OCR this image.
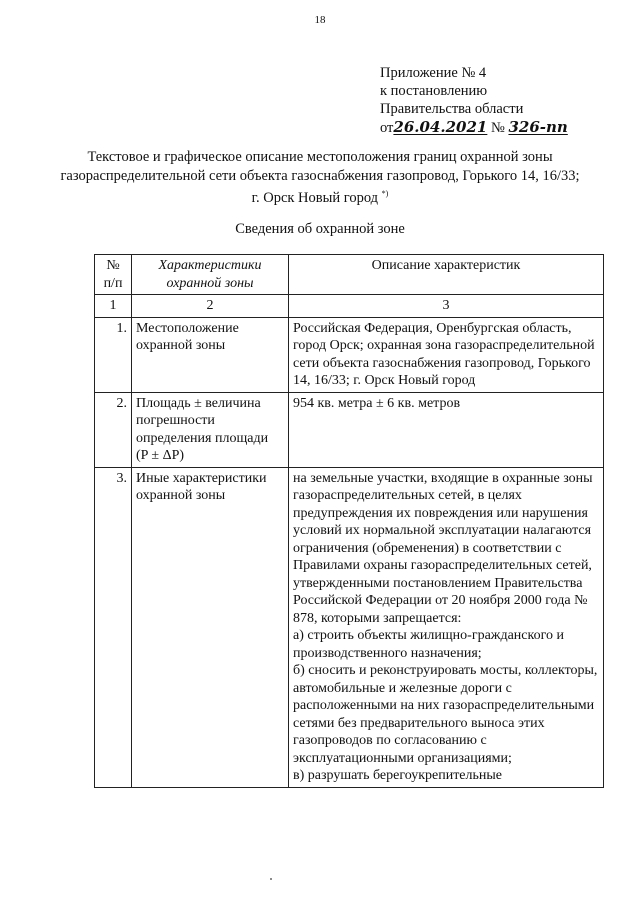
18
Приложение № 4
к постановлению
Правительства области
от26.04.2021 № 326-пп
Текстовое и графическое описание местоположения границ охранной зоны газораспределительной сети объекта газоснабжения газопровод, Горького 14, 16/33; г. Орск Новый город *)
Сведения об охранной зоне
№ п/п	Характеристики охранной зоны	Описание характеристик
1	2	3
1.	Местоположение охранной зоны	Российская Федерация, Оренбургская область, город Орск; охранная зона газораспределительной сети объекта газоснабжения газопровод, Горького 14, 16/33; г. Орск Новый город
2.	Площадь ± величина погрешности определения площади (P ± ΔP)	954 кв. метра ± 6 кв. метров
3.	Иные характеристики охранной зоны	на земельные участки, входящие в охранные зоны газораспределительных сетей, в целях предупреждения их повреждения или нарушения условий их нормальной эксплуатации налагаются ограничения (обременения) в соответствии с Правилами охраны газораспределительных сетей, утвержденными постановлением Правительства Российской Федерации от 20 ноября 2000 года № 878, которыми запрещается:
а) строить объекты жилищно-гражданского и производственного назначения;
б) сносить и реконструировать мосты, коллекторы, автомобильные и железные дороги с расположенными на них газораспределительными сетями без предварительного выноса этих газопроводов по согласованию с эксплуатационными организациями;
в) разрушать берегоукрепительные
